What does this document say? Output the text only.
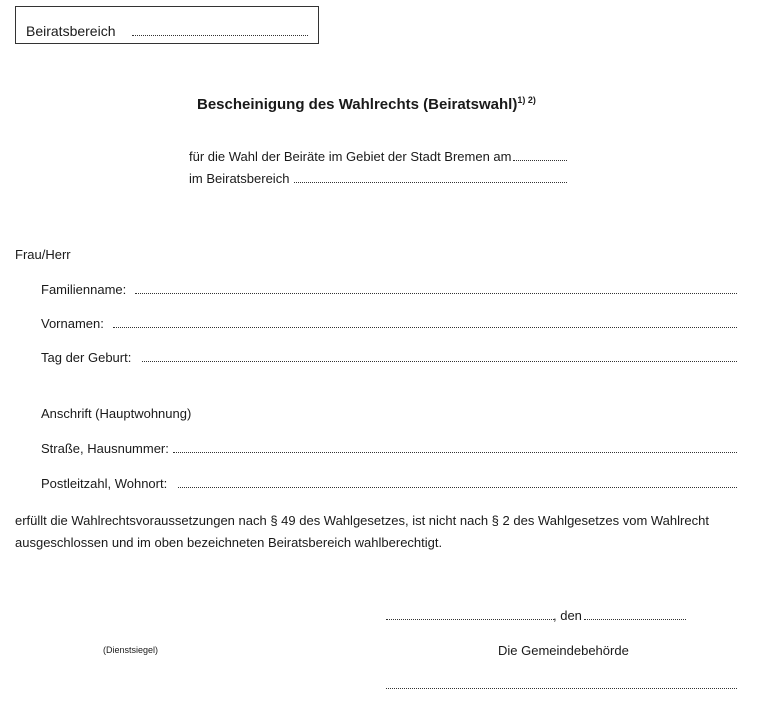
Beiratsbereich
Bescheinigung des Wahlrechts (Beiratswahl)$^{1) 2)}$
für die Wahl der Beiräte im Gebiet der Stadt Bremen am
im Beiratsbereich
Frau/Herr
Familienname:
Vornamen:
Tag der Geburt:
Anschrift (Hauptwohnung)
Straße, Hausnummer:
Postleitzahl, Wohnort:
erfüllt die Wahlrechtsvoraussetzungen nach § 49 des Wahlgesetzes, ist nicht nach § 2 des Wahlgesetzes vom Wahlrecht
ausgeschlossen und im oben bezeichneten Beiratsbereich wahlberechtigt.
, den
(Dienstsiegel)	Die Gemeindebehörde
